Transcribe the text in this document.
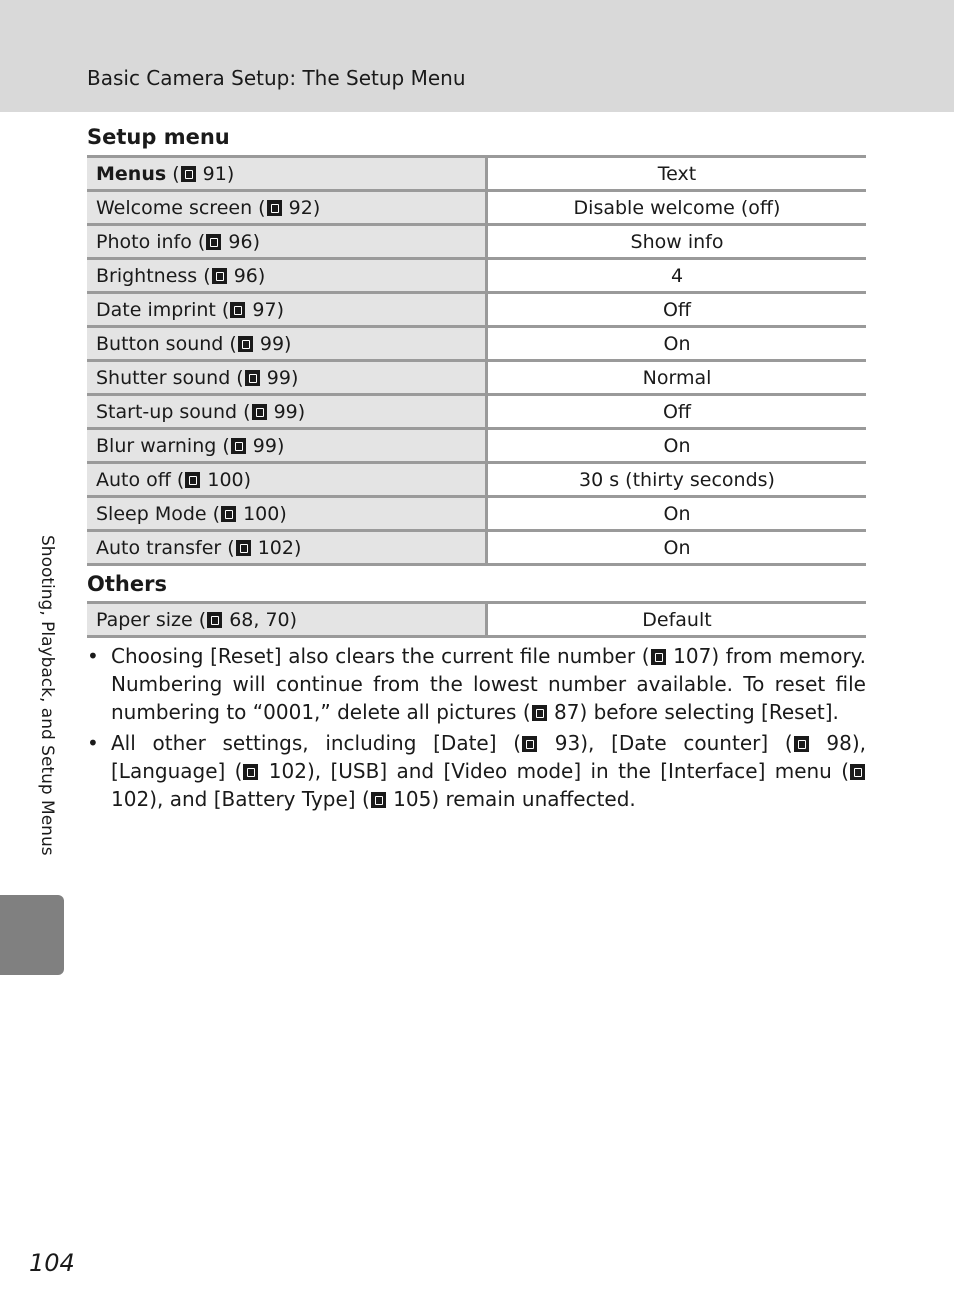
Basic Camera Setup: The Setup Menu
Setup menu
Menus ( 91)	Text
Welcome screen ( 92)	Disable welcome (off)
Photo info ( 96)	Show info
Brightness ( 96)	4
Date imprint ( 97)	Off
Button sound ( 99)	On
Shutter sound ( 99)	Normal
Start-up sound ( 99)	Off
Blur warning ( 99)	On
Auto off ( 100)	30 s (thirty seconds)
Sleep Mode ( 100)	On
Auto transfer ( 102)	On
Others
Paper size ( 68, 70)	Default
• Choosing [Reset] also clears the current file number ( 107) from memory. Numbering will continue from the lowest number available. To reset file numbering to “0001,” delete all pictures ( 87) before selecting [Reset].
• All other settings, including [Date] ( 93), [Date counter] ( 98), [Language] ( 102), [USB] and [Video mode] in the [Interface] menu ( 102), and [Battery Type] ( 105) remain unaffected.
Shooting, Playback, and Setup Menus
104
